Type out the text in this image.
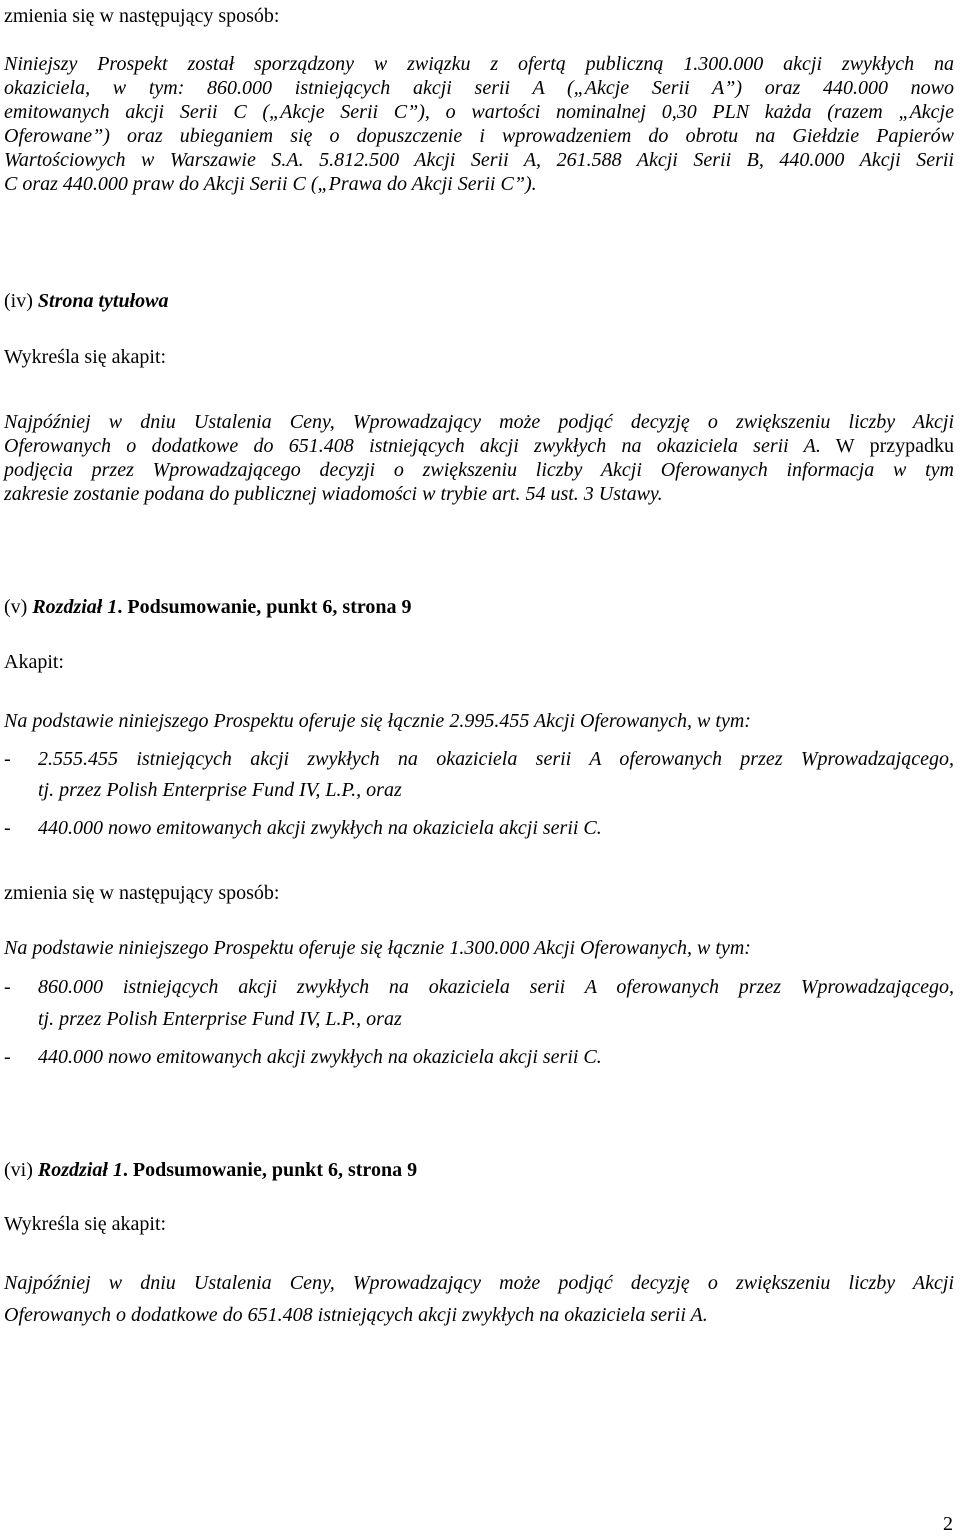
zmienia się w następujący sposób:
Niniejszy Prospekt został sporządzony w związku z ofertą publiczną 1.300.000 akcji zwykłych na
okaziciela, w tym: 860.000 istniejących akcji serii A („Akcje Serii A”) oraz 440.000 nowo
emitowanych akcji Serii C („Akcje Serii C”), o wartości nominalnej 0,30 PLN każda (razem „Akcje
Oferowane”) oraz ubieganiem się o dopuszczenie i wprowadzeniem do obrotu na Giełdzie Papierów
Wartościowych w Warszawie S.A. 5.812.500 Akcji Serii A, 261.588 Akcji Serii B, 440.000 Akcji Serii
C oraz 440.000 praw do Akcji Serii C („Prawa do Akcji Serii C”).
(iv) Strona tytułowa
Wykreśla się akapit:
Najpóźniej w dniu Ustalenia Ceny, Wprowadzający może podjąć decyzję o zwiększeniu liczby Akcji
Oferowanych o dodatkowe do 651.408 istniejących akcji zwykłych na okaziciela serii A. W przypadku
podjęcia przez Wprowadzającego decyzji o zwiększeniu liczby Akcji Oferowanych informacja w tym
zakresie zostanie podana do publicznej wiadomości w trybie art. 54 ust. 3 Ustawy.
(v) Rozdział 1. Podsumowanie, punkt 6, strona 9
Akapit:
Na podstawie niniejszego Prospektu oferuje się łącznie 2.995.455 Akcji Oferowanych, w tym:
- 2.555.455 istniejących akcji zwykłych na okaziciela serii A oferowanych przez Wprowadzającego,
tj. przez Polish Enterprise Fund IV, L.P., oraz
- 440.000 nowo emitowanych akcji zwykłych na okaziciela akcji serii C.
zmienia się w następujący sposób:
Na podstawie niniejszego Prospektu oferuje się łącznie 1.300.000 Akcji Oferowanych, w tym:
- 860.000 istniejących akcji zwykłych na okaziciela serii A oferowanych przez Wprowadzającego,
tj. przez Polish Enterprise Fund IV, L.P., oraz
- 440.000 nowo emitowanych akcji zwykłych na okaziciela akcji serii C.
(vi) Rozdział 1. Podsumowanie, punkt 6, strona 9
Wykreśla się akapit:
Najpóźniej w dniu Ustalenia Ceny, Wprowadzający może podjąć decyzję o zwiększeniu liczby Akcji
Oferowanych o dodatkowe do 651.408 istniejących akcji zwykłych na okaziciela serii A.
2
